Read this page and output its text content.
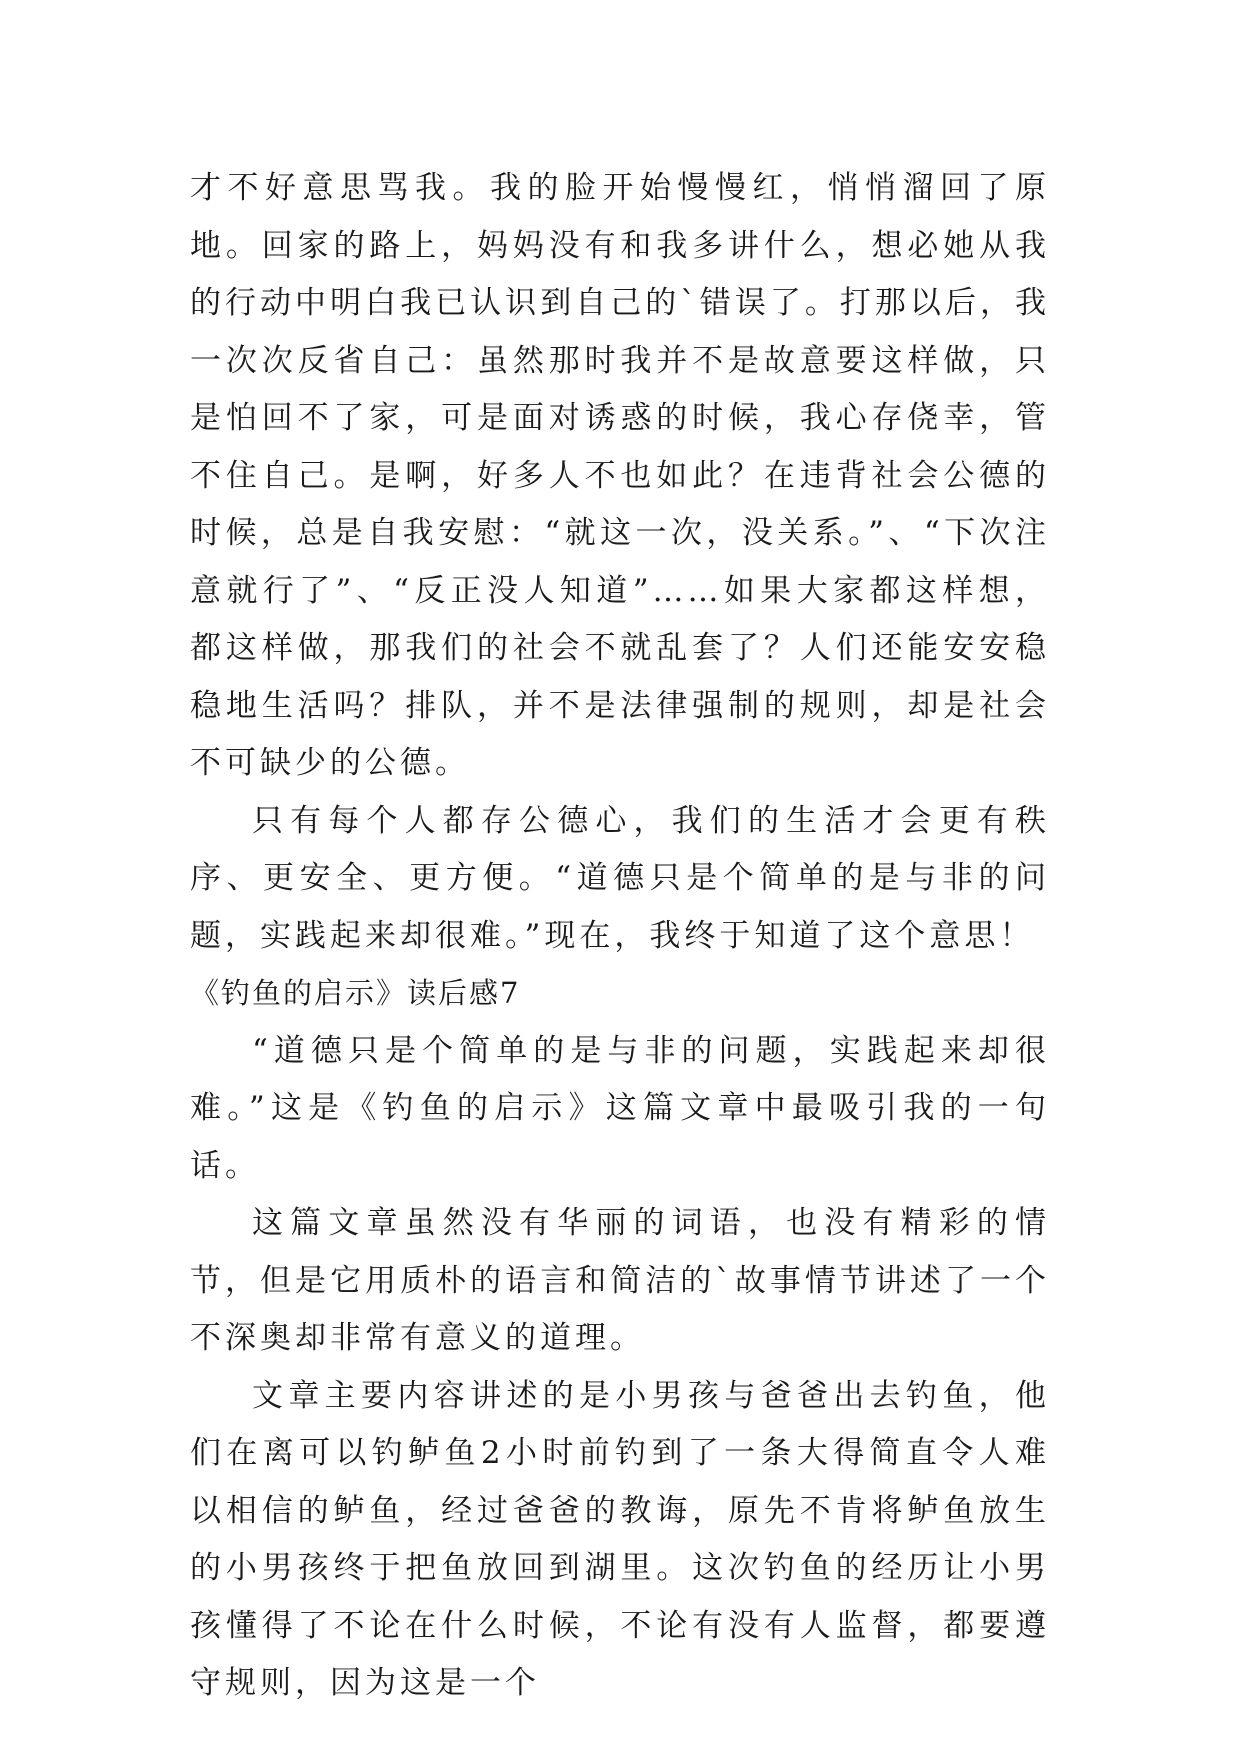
才不好意思骂我。我的脸开始慢慢红，悄悄溜回了原地。回家的路上，妈妈没有和我多讲什么，想必她从我的行动中明白我已认识到自己的`错误了。打那以后，我一次次反省自己：虽然那时我并不是故意要这样做，只是怕回不了家，可是面对诱惑的时候，我心存侥幸，管不住自己。是啊，好多人不也如此？在违背社会公德的时候，总是自我安慰：“就这一次，没关系。”、“下次注意就行了”、“反正没人知道”……如果大家都这样想，都这样做，那我们的社会不就乱套了？人们还能安安稳稳地生活吗？排队，并不是法律强制的规则，却是社会不可缺少的公德。

只有每个人都存公德心，我们的生活才会更有秩序、更安全、更方便。“道德只是个简单的是与非的问题，实践起来却很难。”现在，我终于知道了这个意思！

《钓鱼的启示》读后感7

“道德只是个简单的是与非的问题，实践起来却很难。”这是《钓鱼的启示》这篇文章中最吸引我的一句话。

这篇文章虽然没有华丽的词语，也没有精彩的情节，但是它用质朴的语言和简洁的`故事情节讲述了一个不深奥却非常有意义的道理。

文章主要内容讲述的是小男孩与爸爸出去钓鱼，他们在离可以钓鲈鱼2小时前钓到了一条大得简直令人难以相信的鲈鱼，经过爸爸的教诲，原先不肯将鲈鱼放生的小男孩终于把鱼放回到湖里。这次钓鱼的经历让小男孩懂得了不论在什么时候，不论有没有人监督，都要遵守规则，因为这是一个
